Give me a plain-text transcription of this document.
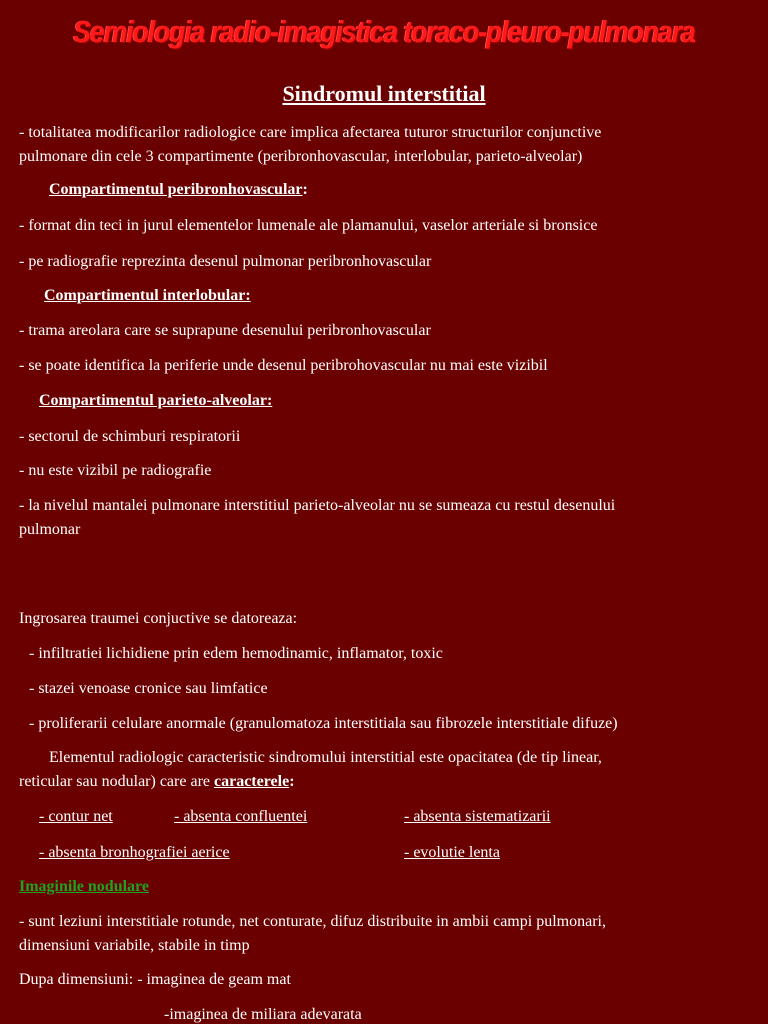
Semiologia radio-imagistica toraco-pleuro-pulmonara
Sindromul interstitial
- totalitatea modificarilor radiologice care implica afectarea tuturor structurilor conjunctive
pulmonare din cele 3 compartimente (peribronhovascular, interlobular, parieto-alveolar)
Compartimentul peribronhovascular:
- format din teci in jurul elementelor lumenale ale plamanului, vaselor arteriale si bronsice
- pe radiografie reprezinta desenul pulmonar peribronhovascular
Compartimentul interlobular:
- trama areolara care se suprapune desenului peribronhovascular
- se poate identifica la periferie unde desenul peribrohovascular nu mai este vizibil
Compartimentul parieto-alveolar:
- sectorul de schimburi respiratorii
- nu este vizibil pe radiografie
- la nivelul mantalei pulmonare interstitiul parieto-alveolar nu se sumeaza cu restul desenului
pulmonar
Ingrosarea traumei conjuctive se datoreaza:
- infiltratiei lichidiene prin edem hemodinamic, inflamator, toxic
- stazei venoase cronice sau limfatice
- proliferarii celulare anormale (granulomatoza interstitiala sau fibrozele interstitiale difuze)
Elementul radiologic caracteristic sindromului interstitial este opacitatea (de tip linear,
reticular sau nodular) care are caracterele:
- contur net	- absenta confluentei	- absenta sistematizarii
- absenta bronhografiei aerice	- evolutie lenta
Imaginile nodulare
- sunt leziuni interstitiale rotunde, net conturate, difuz distribuite in ambii campi pulmonari,
dimensiuni variabile, stabile in timp
Dupa dimensiuni: - imaginea de geam mat
-imaginea de miliara adevarata
